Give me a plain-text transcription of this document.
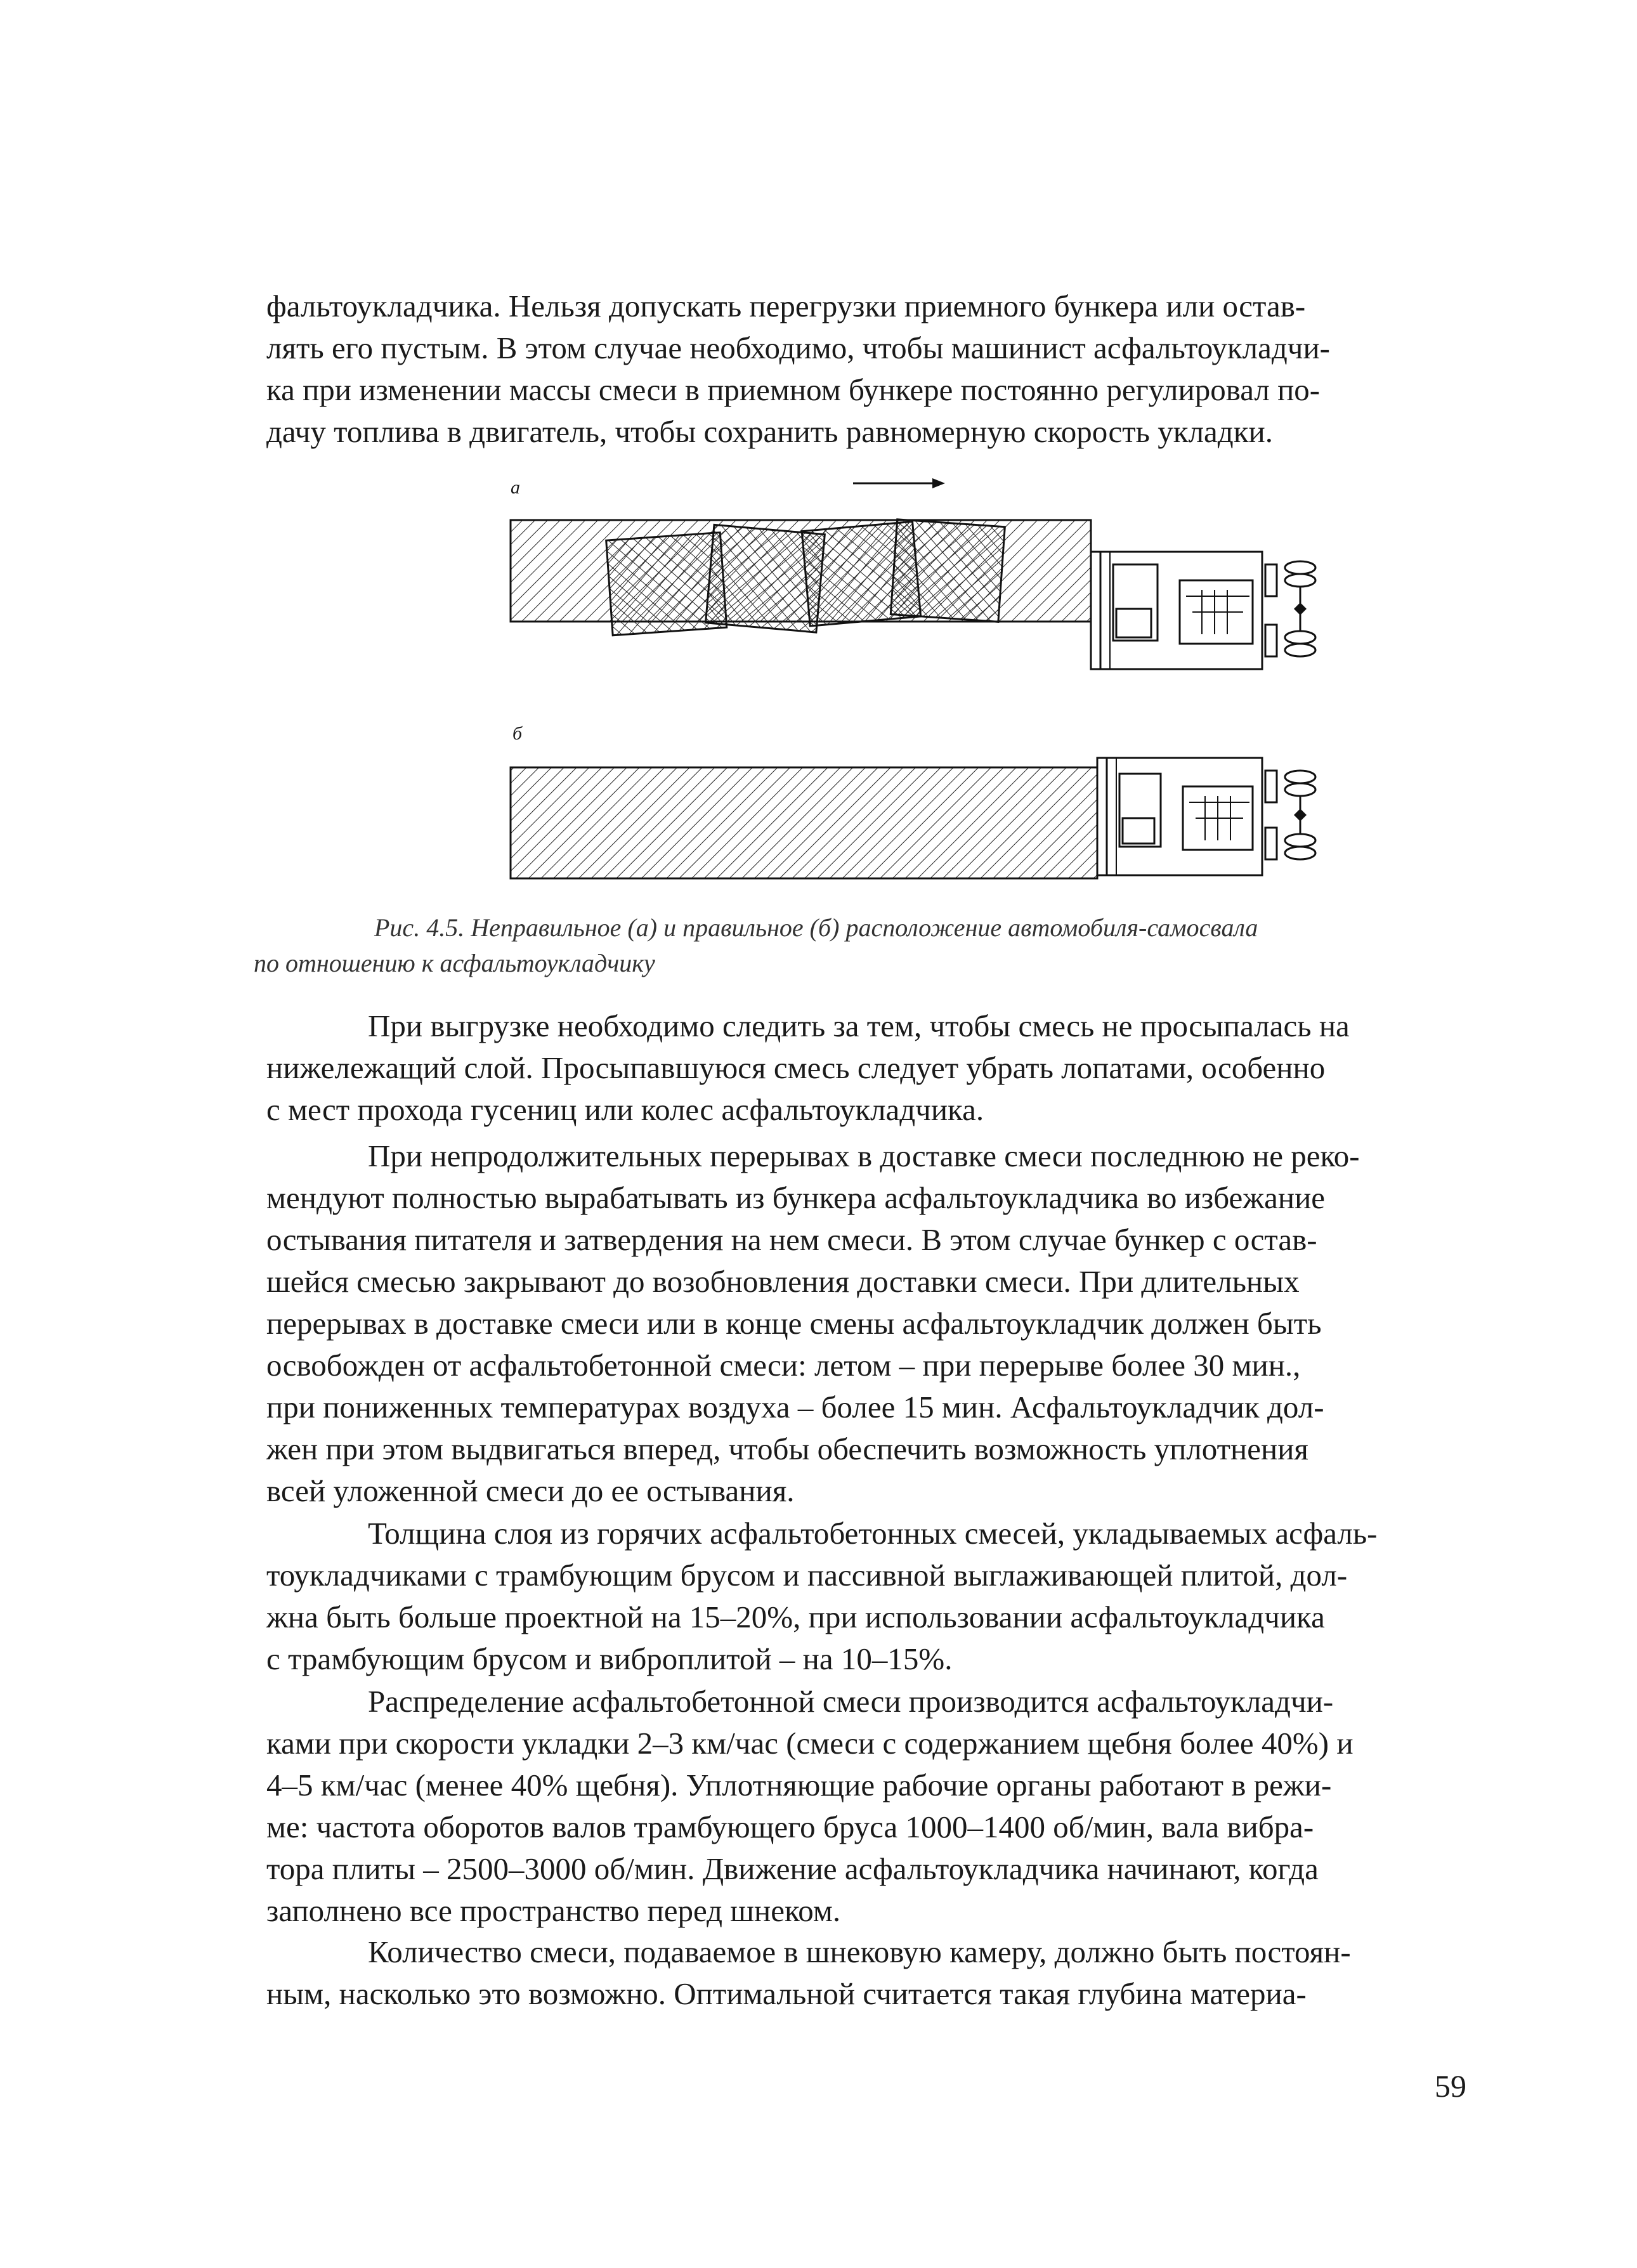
фальтоукладчика. Нельзя допускать перегрузки приемного бункера или остав-
лять его пустым. В этом случае необходимо, чтобы машинист асфальтоукладчи-
ка при изменении массы смеси в приемном бункере постоянно регулировал по-
дачу топлива в двигатель, чтобы сохранить равномерную скорость укладки.
а
б
Рис. 4.5. Неправильное (а) и правильное (б) расположение автомобиля-самосвала
по отношению к асфальтоукладчику
При выгрузке необходимо следить за тем, чтобы смесь не просыпалась на
нижележащий слой. Просыпавшуюся смесь следует убрать лопатами, особенно
с мест прохода гусениц или колес асфальтоукладчика.
При непродолжительных перерывах в доставке смеси последнюю не реко-
мендуют полностью вырабатывать из бункера асфальтоукладчика во избежание
остывания питателя и затвердения на нем смеси. В этом случае бункер с остав-
шейся смесью закрывают до возобновления доставки смеси. При длительных
перерывах в доставке смеси или в конце смены асфальтоукладчик должен быть
освобожден от асфальтобетонной смеси: летом – при перерыве более 30 мин.,
при пониженных температурах воздуха – более 15 мин. Асфальтоукладчик дол-
жен при этом выдвигаться вперед, чтобы обеспечить возможность уплотнения
всей уложенной смеси до ее остывания.
Толщина слоя из горячих асфальтобетонных смесей, укладываемых асфаль-
тоукладчиками с трамбующим брусом и пассивной выглаживающей плитой, дол-
жна быть больше проектной на 15–20%, при использовании асфальтоукладчика
с трамбующим брусом и виброплитой – на 10–15%.
Распределение асфальтобетонной смеси производится асфальтоукладчи-
ками при скорости укладки 2–3 км/час (смеси с содержанием щебня более 40%) и
4–5 км/час (менее 40% щебня). Уплотняющие рабочие органы работают в режи-
ме: частота оборотов валов трамбующего бруса 1000–1400 об/мин, вала вибра-
тора плиты – 2500–3000 об/мин. Движение асфальтоукладчика начинают, когда
заполнено все пространство перед шнеком.
Количество смеси, подаваемое в шнековую камеру, должно быть постоян-
ным, насколько это возможно. Оптимальной считается такая глубина материа-
59
